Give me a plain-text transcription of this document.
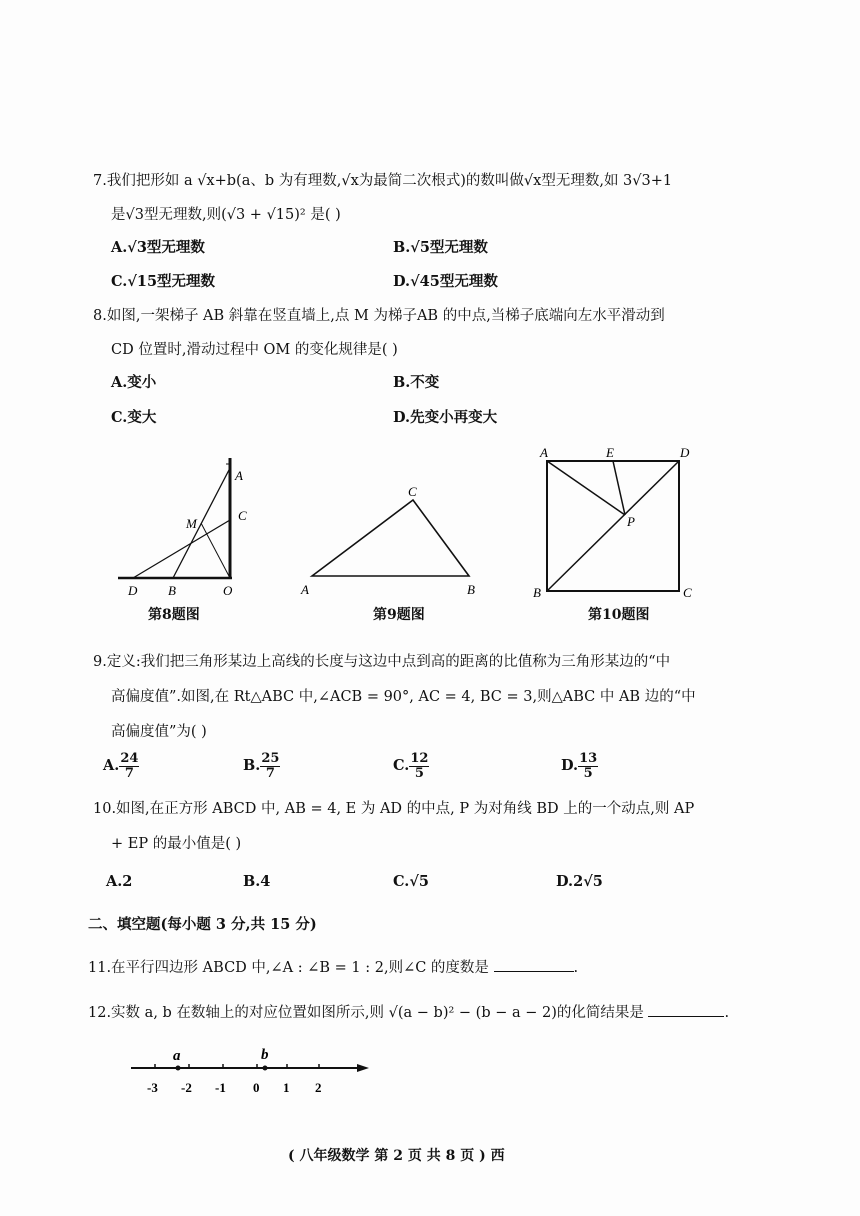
7.我们把形如 a √x+b(a、b 为有理数,√x为最简二次根式)的数叫做√x型无理数,如 3√3+1
是√3型无理数,则(√3 + √15)² 是( )
A.√3型无理数	B.√5型无理数
C.√15型无理数	D.√45型无理数
8.如图,一架梯子 AB 斜靠在竖直墙上,点 M 为梯子AB 的中点,当梯子底端向左水平滑动到
CD 位置时,滑动过程中 OM 的变化规律是( )
A.变小	B.不变
C.变大	D.先变小再变大
A
C
M
D B	O
第8题图
C
A	B
第9题图
A	E	D
P
B	C
第10题图
9.定义:我们把三角形某边上高线的长度与这边中点到高的距离的比值称为三角形某边的“中
高偏度值”.如图,在 Rt△ABC 中,∠ACB = 90°, AC = 4, BC = 3,则△ABC 中 AB 边的“中
高偏度值”为( )
A. $\frac{24}{7}$	B. $\frac{25}{7}$	C. $\frac{12}{5}$	D. $\frac{13}{5}$
10.如图,在正方形 ABCD 中, AB = 4, E 为 AD 的中点, P 为对角线 BD 上的一个动点,则 AP
+ EP 的最小值是( )
A.2	B.4	C.√5	D.2√5
二、填空题(每小题 3 分,共 15 分)
11.在平行四边形 ABCD 中,∠A : ∠B = 1 : 2,则∠C 的度数是	.
12.实数 a, b 在数轴上的对应位置如图所示,则 √(a − b)² − (b − a − 2)的化简结果是	.
a	b
-3 -2 -1 0 1 2
( 八年级数学 第 2 页 共 8 页 ) 西
